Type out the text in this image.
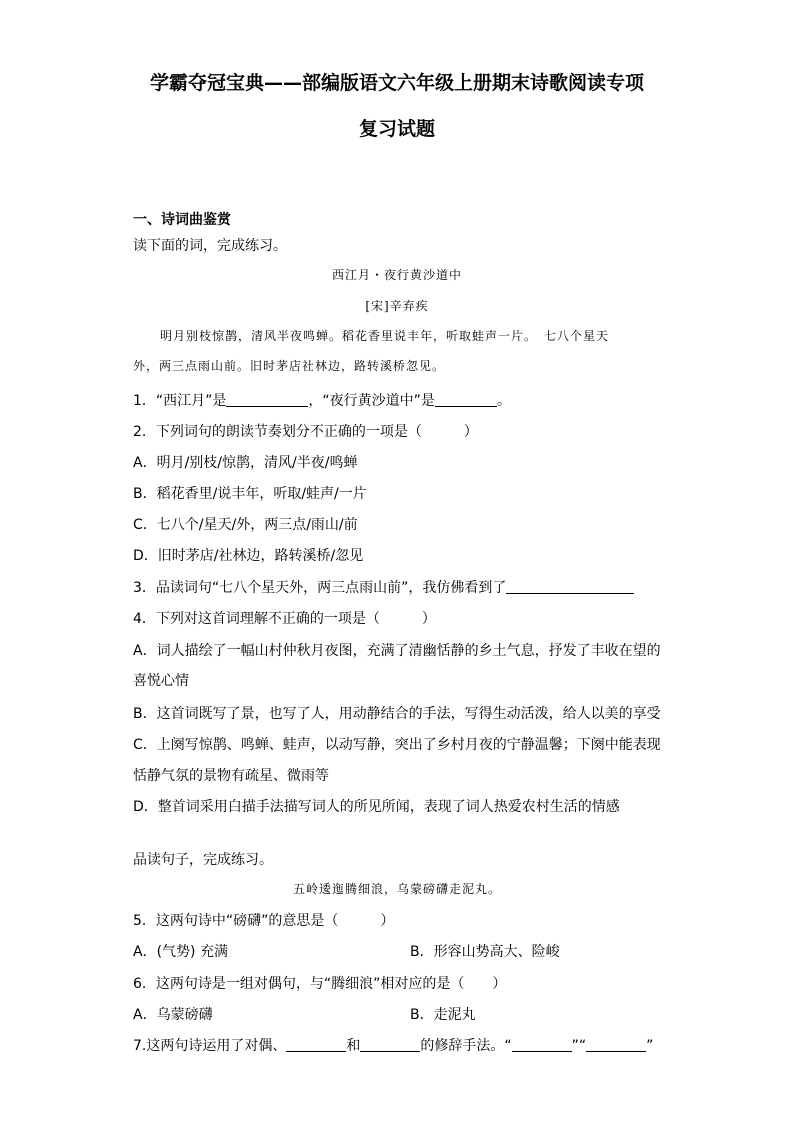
学霸夺冠宝典——部编版语文六年级上册期末诗歌阅读专项
复习试题
一、诗词曲鉴赏
读下面的词，完成练习。
西江月・夜行黄沙道中
[宋]辛弃疾
明月别枝惊鹊，清风半夜鸣蝉。稻花香里说丰年，听取蛙声一片。　七八个星天
外，两三点雨山前。旧时茅店社林边，路转溪桥忽见。
1．“西江月”是	，“夜行黄沙道中”是	。
2．下列词句的朗读节奏划分不正确的一项是（　　　）
A．明月/别枝/惊鹊，清风/半夜/鸣蝉
B．稻花香里/说丰年，听取/蛙声/一片
C．七八个/星天/外，两三点/雨山/前
D．旧时茅店/社林边，路转溪桥/忽见
3．品读词句“七八个星天外，两三点雨山前”，我仿佛看到了
4．下列对这首词理解不正确的一项是（　　　）
A．词人描绘了一幅山村仲秋月夜图，充满了清幽恬静的乡土气息，抒发了丰收在望的
喜悦心情
B．这首词既写了景，也写了人，用动静结合的手法，写得生动活泼，给人以美的享受
C．上阕写惊鹊、鸣蝉、蛙声，以动写静，突出了乡村月夜的宁静温馨；下阕中能表现
恬静气氛的景物有疏星、微雨等
D．整首词采用白描手法描写词人的所见所闻，表现了词人热爱农村生活的情感
品读句子，完成练习。
五岭逶迤腾细浪，乌蒙磅礴走泥丸。
5．这两句诗中“磅礴”的意思是（　　　）
A．(气势) 充满	B．形容山势高大、险峻
6．这两句诗是一组对偶句，与“腾细浪”相对应的是（　　）
A．乌蒙磅礴	B．走泥丸
7.这两句诗运用了对偶、	和	的修辞手法。“	”“	”
